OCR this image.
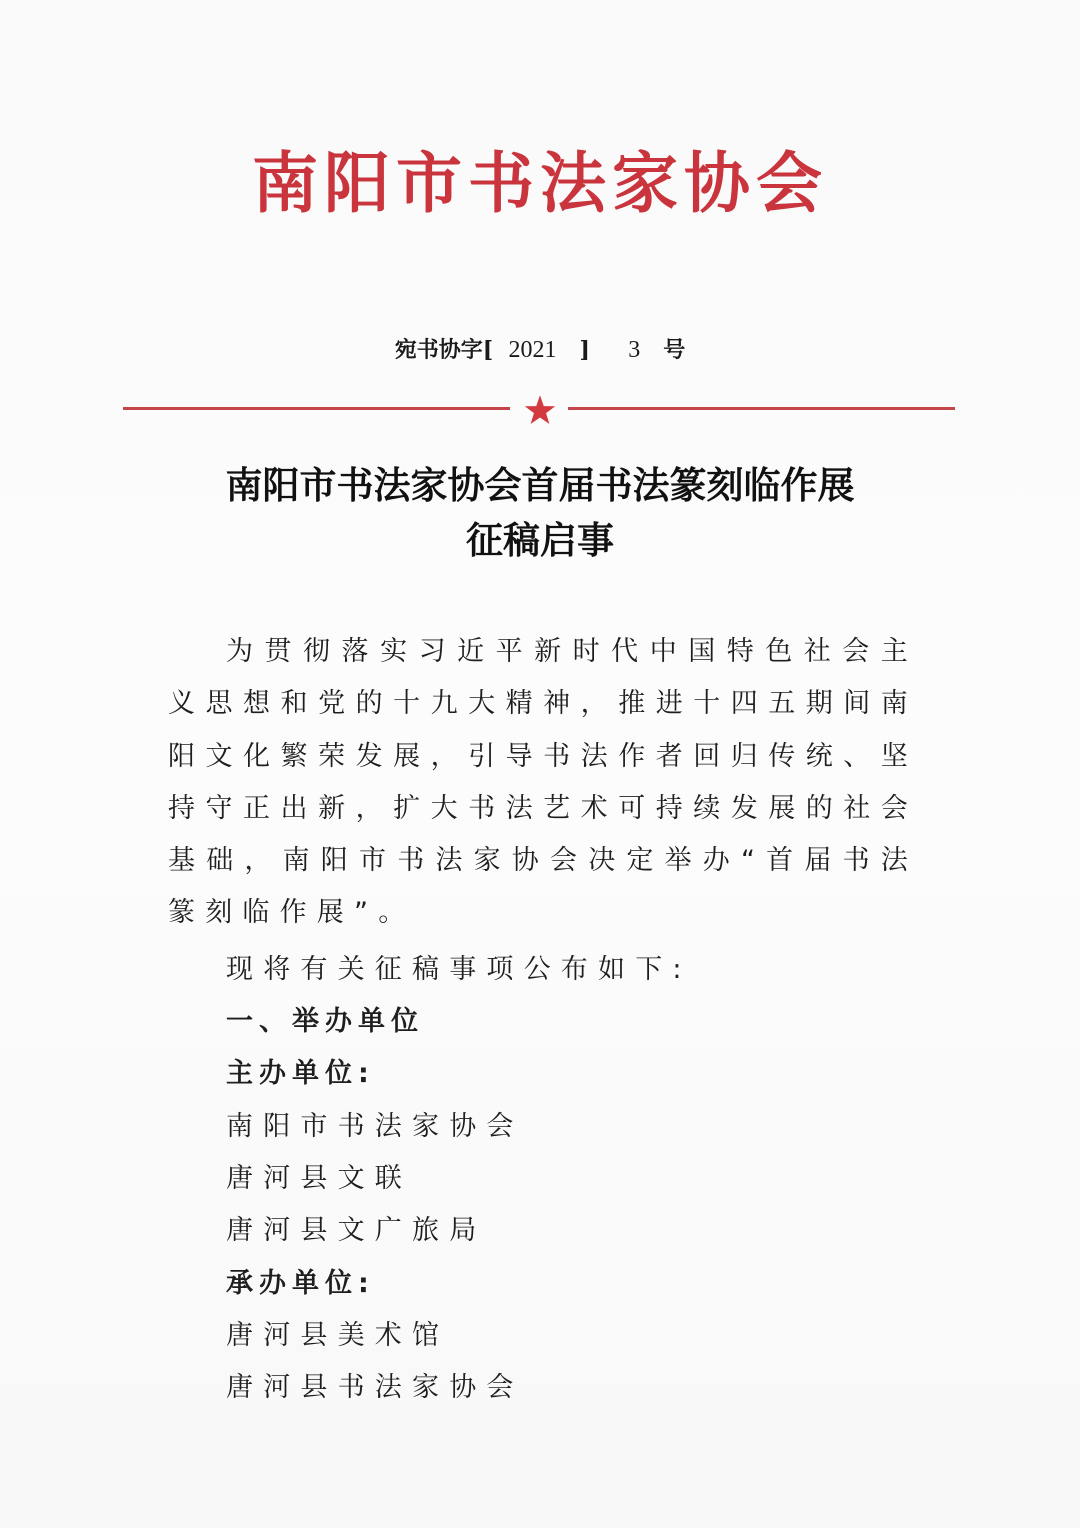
南阳市书法家协会
宛书协字[ 2021 ] 3 号
南阳市书法家协会首届书法篆刻临作展
征稿启事

为贯彻落实习近平新时代中国特色社会主义思想和党的十九大精神，推进十四五期间南阳文化繁荣发展，引导书法作者回归传统、坚持守正出新，扩大书法艺术可持续发展的社会基础，南阳市书法家协会决定举办“首届书法篆刻临作展”。

现将有关征稿事项公布如下:

一、举办单位

主办单位:

南阳市书法家协会

唐河县文联

唐河县文广旅局

承办单位:

唐河县美术馆

唐河县书法家协会
